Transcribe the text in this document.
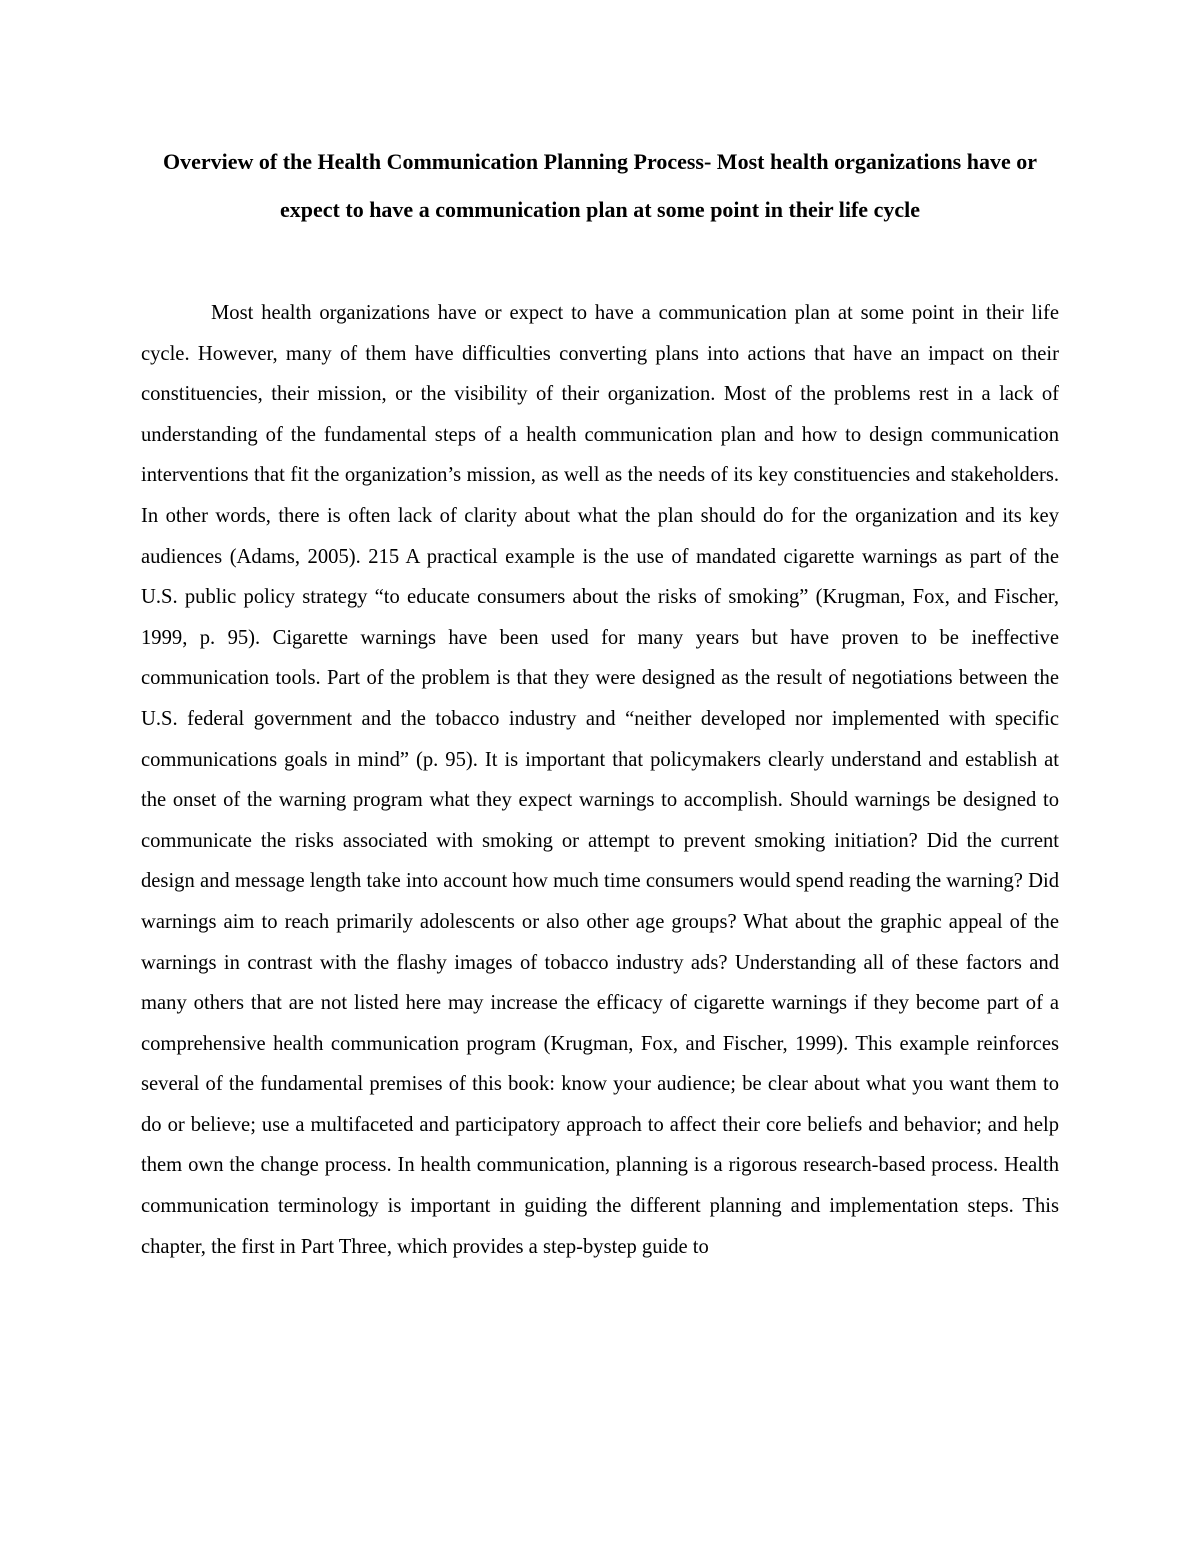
Overview of the Health Communication Planning Process- Most health organizations have or expect to have a communication plan at some point in their life cycle

Most health organizations have or expect to have a communication plan at some point in their life cycle. However, many of them have difficulties converting plans into actions that have an impact on their constituencies, their mission, or the visibility of their organization. Most of the problems rest in a lack of understanding of the fundamental steps of a health communication plan and how to design communication interventions that fit the organization’s mission, as well as the needs of its key constituencies and stakeholders. In other words, there is often lack of clarity about what the plan should do for the organization and its key audiences (Adams, 2005). 215 A practical example is the use of mandated cigarette warnings as part of the U.S. public policy strategy “to educate consumers about the risks of smoking” (Krugman, Fox, and Fischer, 1999, p. 95). Cigarette warnings have been used for many years but have proven to be ineffective communication tools. Part of the problem is that they were designed as the result of negotiations between the U.S. federal government and the tobacco industry and “neither developed nor implemented with specific communications goals in mind” (p. 95). It is important that policymakers clearly understand and establish at the onset of the warning program what they expect warnings to accomplish. Should warnings be designed to communicate the risks associated with smoking or attempt to prevent smoking initiation? Did the current design and message length take into account how much time consumers would spend reading the warning? Did warnings aim to reach primarily adolescents or also other age groups? What about the graphic appeal of the warnings in contrast with the flashy images of tobacco industry ads? Understanding all of these factors and many others that are not listed here may increase the efficacy of cigarette warnings if they become part of a comprehensive health communication program (Krugman, Fox, and Fischer, 1999). This example reinforces several of the fundamental premises of this book: know your audience; be clear about what you want them to do or believe; use a multifaceted and participatory approach to affect their core beliefs and behavior; and help them own the change process. In health communication, planning is a rigorous research-based process. Health communication terminology is important in guiding the different planning and implementation steps. This chapter, the first in Part Three, which provides a step-bystep guide to
